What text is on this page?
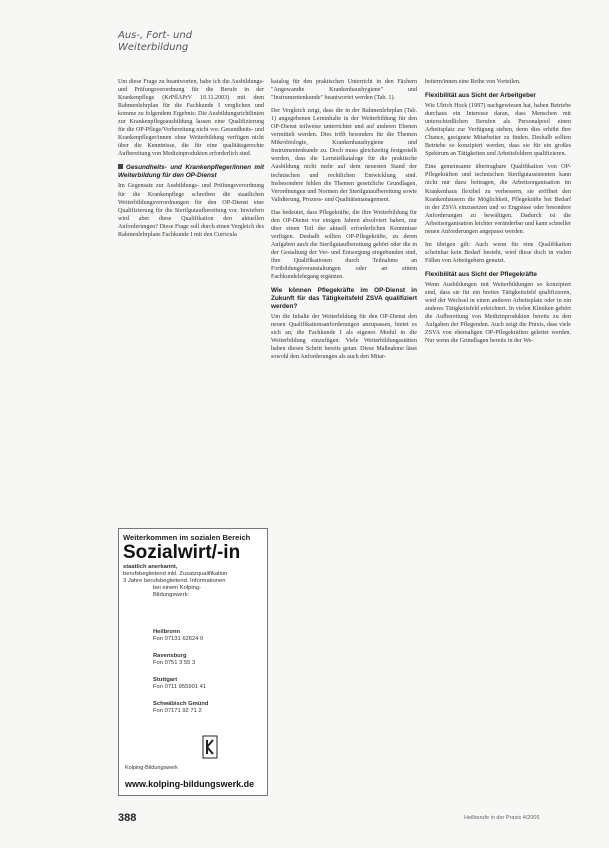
Aus-, Fort- und
Weiterbildung

Um diese Frage zu beantworten, habe ich die Ausbildungs- und Prüfungsverordnung für die Berufe in der Krankenpflege (KrPflAPrV 10.11.2003) mit dem Rahmenlehrplan für die Fachkunde I verglichen und komme zu folgendem Ergebnis: Die Ausbildungsrichtlinien zur Krankenpflegeausbildung lassen eine Qualifizierung für die OP-Pflege/Vorbereitung nicht vor. Gesundheits- und Krankenpfleger/innen ohne Weiterbildung verfügen nicht über die Kenntnisse, die für eine qualitätsgerechte Aufbereitung von Medizinprodukten erforderlich sind.

Gesundheits- und Krankenpfleger/innen mit Weiterbildung für den OP-Dienst

Im Gegensatz zur Ausbildungs- und Prüfungsverordnung für die Krankenpflege schreiben die staatlichen Weiterbildungsverordnungen für den OP-Dienst eine Qualifizierung für die Sterilgutaufbereitung vor. Inwiefern wird aber diese Qualifikation den aktuellen Anforderungen? Diese Frage soll durch einen Vergleich des Rahmenlehrplans Fachkunde I mit den Curricula

katalog für den praktischen Unterricht in den Fächern "Angewandte Krankenhaushygiene" und "Instrumentenkunde" beantwortet werden (Tab. 1).

Der Vergleich zeigt, dass die in der Rahmenlehrplan (Tab. 1) angegebenen Lerninhalte in der Weiterbildung für den OP-Dienst teilweise unterrichtet und auf anderen Ebenen vermittelt werden. Dies trifft besonders für die Themen Mikrobiologie, Krankenhaushygiene und Instrumentenkunde zu. Doch muss gleichzeitig festgestellt werden, dass die Lernzielkataloge für die praktische Ausbildung nicht mehr auf dem neuesten Stand der technischen und rechtlichen Entwicklung sind. Insbesondere fehlen die Themen gesetzliche Grundlagen, Verordnungen und Normen der Sterilgutaufbereitung sowie Validierung, Prozess- und Qualitätsmanagement.

Das bedeutet, dass Pflegekräfte, die ihre Weiterbildung für den OP-Dienst vor einigen Jahren absolviert haben, nur über einen Teil der aktuell erforderlichen Kenntnisse verfügen. Deshalb sollten OP-Pflegekräfte, zu deren Aufgaben auch die Sterilgutaufbereitung gehört oder die in der Gestaltung der Ver- und Entsorgung eingebunden sind, ihre Qualifikationen durch Teilnahme an Fortbildungsveranstaltungen oder an einem Fachkundelehrgang ergänzen.

Wie können Pflegekräfte im OP-Dienst in Zukunft für das Tätigkeitsfeld ZSVA qualifiziert werden?

Um die Inhalte der Weiterbildung für den OP-Dienst den neuen Qualifikationsanforderungen anzupassen, bietet es sich an, die Fachkunde I als eigenes Modul in die Weiterbildung einzufügen. Viele Weiterbildungsstätten haben diesen Schritt bereits getan. Diese Maßnahme lässt sowohl den Anforderungen als auch den Mitar-

beitern/innen eine Reihe von Vorteilen.

Flexibilität aus Sicht der Arbeitgeber

Wie Ulrich Hock (1997) nachgewiesen hat, haben Betriebe durchaus ein Interesse daran, dass Menschen mit unterschiedlichen Berufen als Personalpool einen Arbeitsplatz zur Verfügung stehen, denn dies erhöht ihre Chance, geeignete Mitarbeiter zu finden. Deshalb sollten Betriebe so konzipiert werden, dass sie für ein großes Spektrum an Tätigkeiten und Arbeitsfeldern qualifizieren.

Eine gemeinsame übertragbare Qualifikation von OP-Pflegekräften und technischen Sterilgutassistenten kann nicht nur dazu beitragen, die Arbeitsorganisation im Krankenhaus flexibel zu verbessern, sie eröffnet den Krankenhäusern die Möglichkeit, Pflegekräfte bei Bedarf in der ZSVA einzusetzen und so Engpässe oder besondere Anforderungen zu bewältigen. Dadurch ist die Arbeitsorganisation leichter veränderbar und kann schneller neuen Anforderungen angepasst werden.

Im übrigen gilt: Auch wenn für eine Qualifikation scheinbar kein Bedarf besteht, wird diese doch in vielen Fällen von Arbeitgebern genutzt.

Flexibilität aus Sicht der Pflegekräfte

Wenn Ausbildungen mit Weiterbildungen so konzipiert sind, dass sie für ein breites Tätigkeitsfeld qualifizieren, wird der Wechsel in einen anderen Arbeitsplatz oder in ein anderes Tätigkeitsfeld erleichtert. In vielen Kliniken gehört die Aufbereitung von Medizinprodukten bereits zu den Aufgaben der Pflegenden. Auch zeigt die Praxis, dass viele ZSVA von ehemaligen OP-Pflegekräften geleitet werden. Nur wenn die Grundlagen bereits in der We-

Weiterkommen im sozialen Bereich
Sozialwirt/-in
staatlich anerkannt,
berufsbegleitend inkl. Zusatzqualifikation
3 Jahre berufsbegleitend. Informationen
bei einem Kolping-
Bildungswerk:
Heilbronn
Fon 07131 62624 0
Ravensburg
Fon 0751 3 55 3
Stuttgart
Fon 0711 955901 41
Schwäbisch Gmünd
Fon 07171 92 71 2
Kolping-Bildungswerk
www.kolping-bildungswerk.de
388	Heilberufe in der Praxis 4/2005
